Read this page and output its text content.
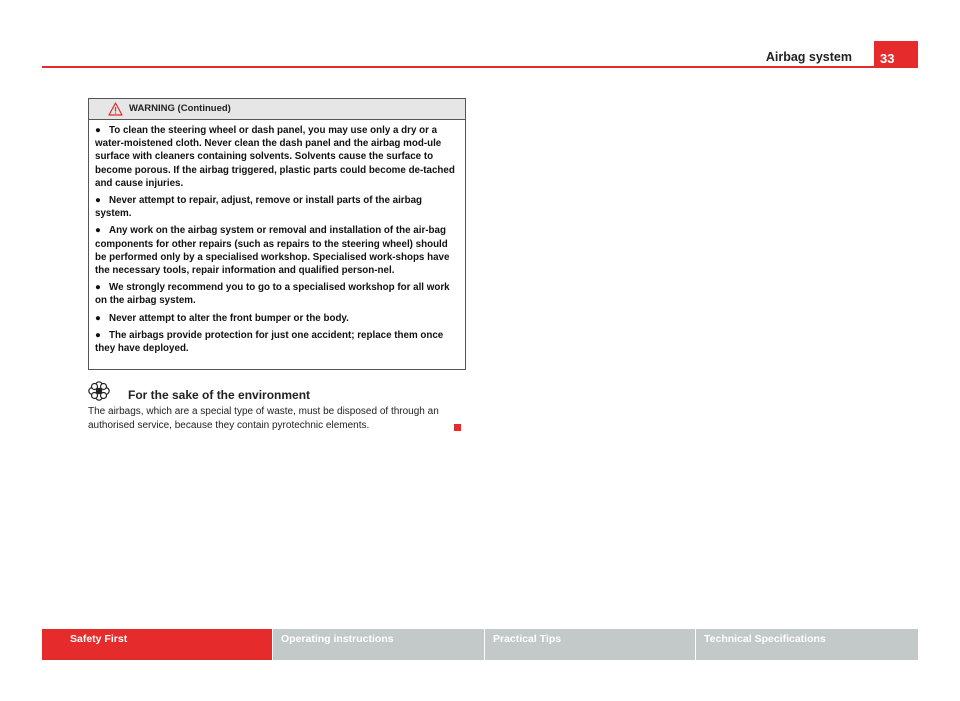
Airbag system 33
WARNING (Continued)

● To clean the steering wheel or dash panel, you may use only a dry or a water-moistened cloth. Never clean the dash panel and the airbag mod-ule surface with cleaners containing solvents. Solvents cause the surface to become porous. If the airbag triggered, plastic parts could become de-tached and cause injuries.

● Never attempt to repair, adjust, remove or install parts of the airbag system.

● Any work on the airbag system or removal and installation of the air-bag components for other repairs (such as repairs to the steering wheel) should be performed only by a specialised workshop. Specialised work-shops have the necessary tools, repair information and qualified person-nel.

● We strongly recommend you to go to a specialised workshop for all work on the airbag system.

● Never attempt to alter the front bumper or the body.

● The airbags provide protection for just one accident; replace them once they have deployed.

For the sake of the environment
The airbags, which are a special type of waste, must be disposed of through an authorised service, because they contain pyrotechnic elements.
Safety First	Operating instructions	Practical Tips	Technical Specifications
